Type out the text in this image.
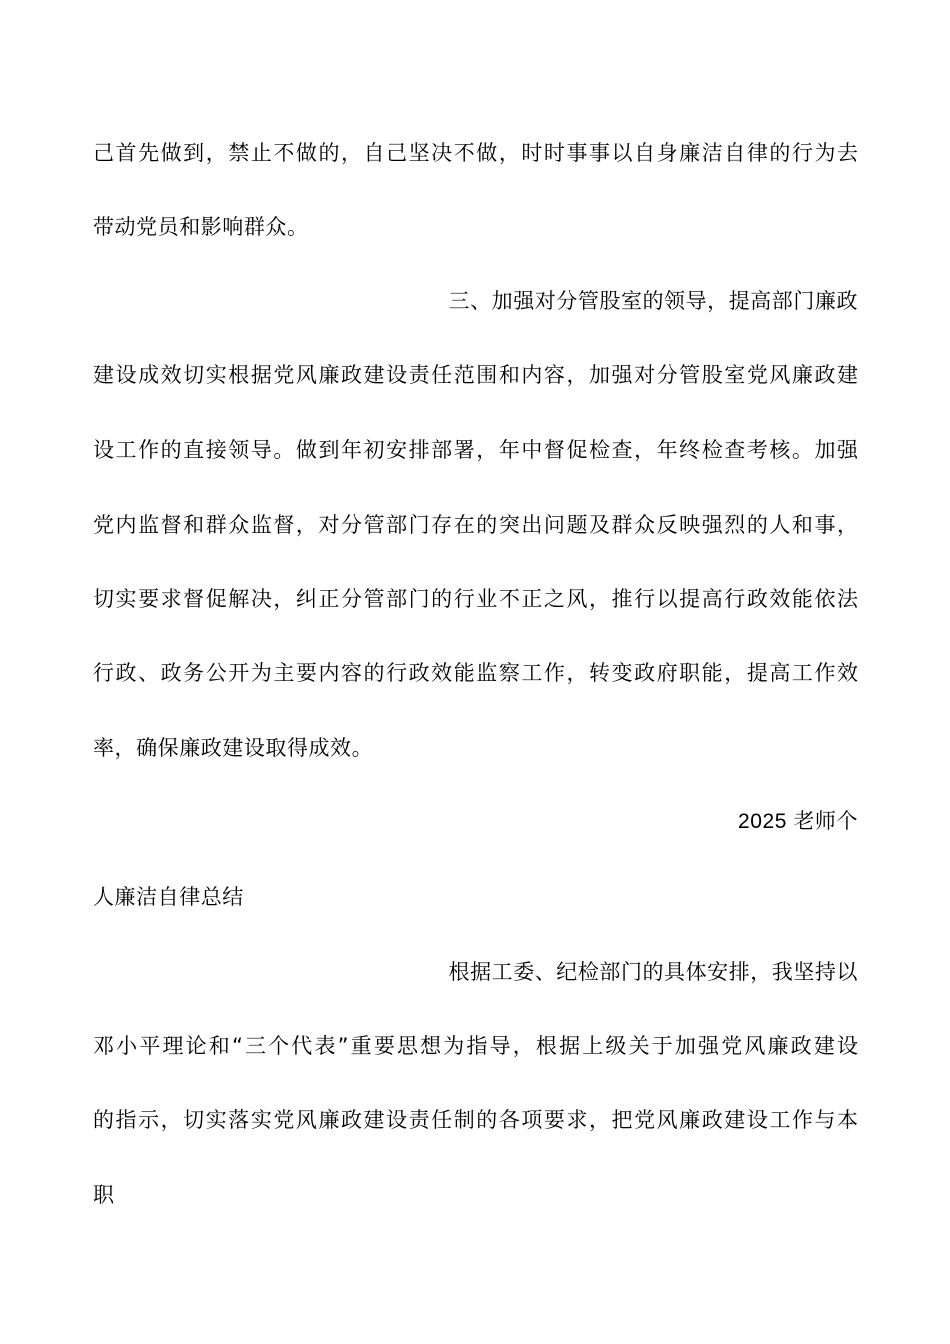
己首先做到，禁止不做的，自己坚决不做，时时事事以自身廉洁自律的行为去
带动党员和影响群众。
三、加强对分管股室的领导，提高部门廉政
建设成效切实根据党风廉政建设责任范围和内容，加强对分管股室党风廉政建
设工作的直接领导。做到年初安排部署，年中督促检查，年终检查考核。加强
党内监督和群众监督，对分管部门存在的突出问题及群众反映强烈的人和事，
切实要求督促解决，纠正分管部门的行业不正之风，推行以提高行政效能依法
行政、政务公开为主要内容的行政效能监察工作，转变政府职能，提高工作效
率，确保廉政建设取得成效。
2025 老师个
人廉洁自律总结
根据工委、纪检部门的具体安排，我坚持以
邓小平理论和“三个代表”重要思想为指导，根据上级关于加强党风廉政建设
的指示，切实落实党风廉政建设责任制的各项要求，把党风廉政建设工作与本
职
